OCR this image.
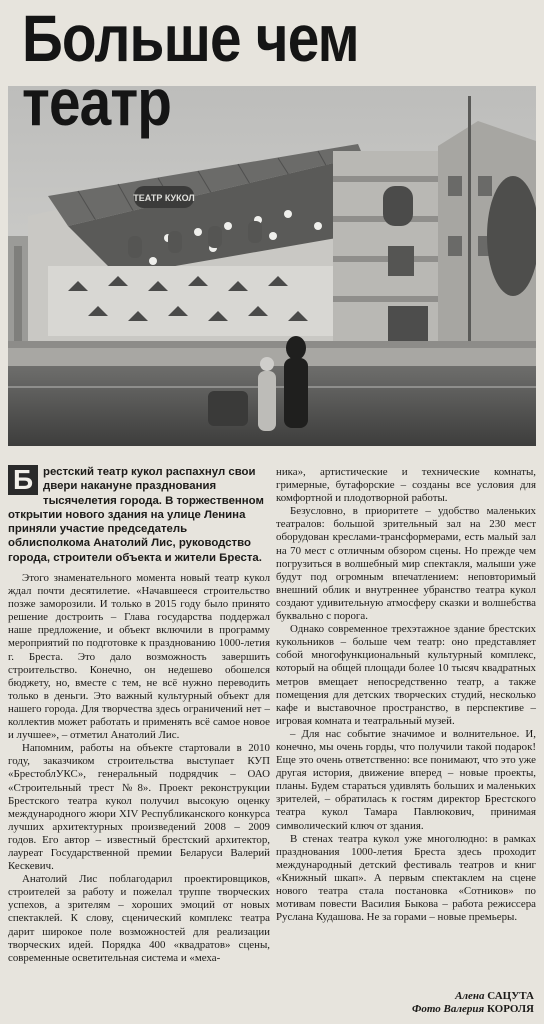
Больше чем
театр
ТЕАТР КУКОЛ

Б рестский театр кукол распахнул свои двери накануне празднования тысячелетия города. В торжественном открытии нового здания на улице Ленина приняли участие председатель облисполкома Анатолий Лис, руководство города, строители объекта и жители Бреста.

Этого знаменательного момента новый театр кукол ждал почти десятилетие. «Начавшееся строительство позже заморозили. И только в 2015 году было принято решение достроить – Глава государства поддержал наше предложение, и объект включили в программу мероприятий по подготовке к празднованию 1000-летия г. Бреста. Это дало возможность завершить строительство. Конечно, он недешево обошелся бюджету, но, вместе с тем, не всё нужно переводить только в деньги. Это важный культурный объект для нашего города. Для творчества здесь ограничений нет – коллектив может работать и применять всё самое новое и лучшее», – отметил Анатолий Лис.

Напомним, работы на объекте стартовали в 2010 году, заказчиком строительства выступает КУП «БрестоблУКС», генеральный подрядчик – ОАО «Строительный трест №8». Проект реконструкции Брестского театра кукол получил высокую оценку международного жюри XIV Республиканского конкурса лучших архитектурных произведений 2008 – 2009 годов. Его автор – известный брестский архитектор, лауреат Государственной премии Беларуси Валерий Кескевич.

Анатолий Лис поблагодарил проектировщиков, строителей за работу и пожелал труппе творческих успехов, а зрителям – хороших эмоций от новых спектаклей. К слову, сценический комплекс театра дарит широкое поле возможностей для реализации творческих идей. Порядка 400 «квадратов» сцены, современные осветительная система и «меха-

ника», артистические и технические комнаты, гримерные, бутафорские – созданы все условия для комфортной и плодотворной работы.

Безусловно, в приоритете – удобство маленьких театралов: большой зрительный зал на 230 мест оборудован креслами-трансформерами, есть малый зал на 70 мест с отличным обзором сцены. Но прежде чем погрузиться в волшебный мир спектакля, малыши уже будут под огромным впечатлением: неповторимый внешний облик и внутреннее убранство театра кукол создают удивительную атмосферу сказки и волшебства буквально с порога.

Однако современное трехэтажное здание брестских кукольников – больше чем театр: оно представляет собой многофункциональный культурный комплекс, который на общей площади более 10 тысяч квадратных метров вмещает непосредственно театр, а также помещения для детских творческих студий, несколько кафе и выставочное пространство, в перспективе – игровая комната и театральный музей.

– Для нас событие значимое и волнительное. И, конечно, мы очень горды, что получили такой подарок! Еще это очень ответственно: все понимают, что это уже другая история, движение вперед – новые проекты, планы. Будем стараться удивлять больших и маленьких зрителей, – обратилась к гостям директор Брестского театра кукол Тамара Павлюкович, принимая символический ключ от здания.

В стенах театра кукол уже многолюдно: в рамках празднования 1000-летия Бреста здесь проходит международный детский фестиваль театров и книг «Книжный шкап». А первым спектаклем на сцене нового театра стала постановка «Сотников» по мотивам повести Василия Быкова – работа режиссера Руслана Кудашова. Не за горами – новые премьеры.

Алена САЦУТА
Фото Валерия КОРОЛЯ
